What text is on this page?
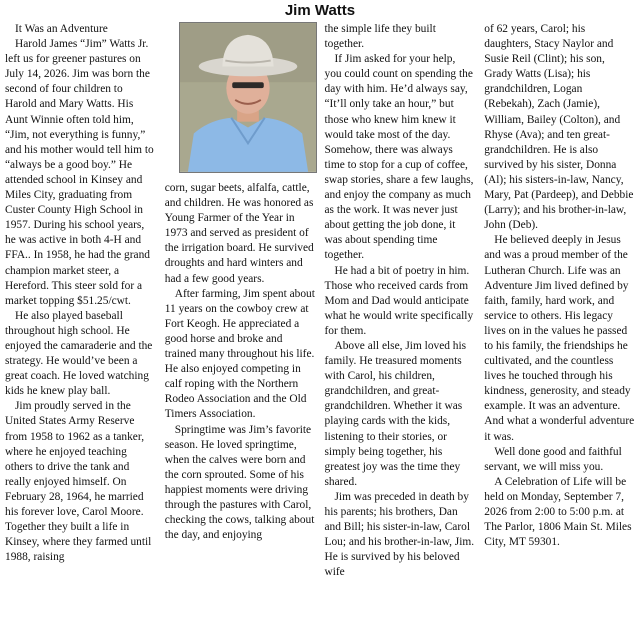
Jim Watts

It Was an Adventure

Harold James “Jim” Watts Jr. left us for greener pastures on July 14, 2026. Jim was born the second of four children to Harold and Mary Watts. His Aunt Winnie often told him, “Jim, not everything is funny,” and his mother would tell him to “always be a good boy.” He attended school in Kinsey and Miles City, graduating from Custer County High School in 1957. During his school years, he was active in both 4-H and FFA.. In 1958, he had the grand champion market steer, a Hereford. This steer sold for a market topping $51.25/cwt.

He also played baseball throughout high school. He enjoyed the camaraderie and the strategy. He would’ve been a great coach. He loved watching kids he knew play ball.

Jim proudly served in the United States Army Reserve from 1958 to 1962 as a tanker, where he enjoyed teaching others to drive the tank and really enjoyed himself. On February 28, 1964, he married his forever love, Carol Moore. Together they built a life in Kinsey, where they farmed until 1988, raising

corn, sugar beets, alfalfa, cattle, and children. He was honored as Young Farmer of the Year in 1973 and served as president of the irrigation board. He survived droughts and hard winters and had a few good years.

After farming, Jim spent about 11 years on the cowboy crew at Fort Keogh. He appreciated a good horse and broke and trained many throughout his life. He also enjoyed competing in calf roping with the Northern Rodeo Association and the Old Timers Association.

Springtime was Jim’s favorite season. He loved springtime, when the calves were born and the corn sprouted. Some of his happiest moments were driving through the pastures with Carol, checking the cows, talking about the day, and enjoying

the simple life they built together.

If Jim asked for your help, you could count on spending the day with him. He’d always say, “It’ll only take an hour,” but those who knew him knew it would take most of the day. Somehow, there was always time to stop for a cup of coffee, swap stories, share a few laughs, and enjoy the company as much as the work. It was never just about getting the job done, it was about spending time together.

He had a bit of poetry in him. Those who received cards from Mom and Dad would anticipate what he would write specifically for them.

Above all else, Jim loved his family. He treasured moments with Carol, his children, grandchildren, and great-grandchildren. Whether it was playing cards with the kids, listening to their stories, or simply being together, his greatest joy was the time they shared.

Jim was preceded in death by his parents; his brothers, Dan and Bill; his sister-in-law, Carol Lou; and his brother-in-law, Jim. He is survived by his beloved wife

of 62 years, Carol; his daughters, Stacy Naylor and Susie Reil (Clint); his son, Grady Watts (Lisa); his grandchildren, Logan (Rebekah), Zach (Jamie), William, Bailey (Colton), and Rhyse (Ava); and ten great-grandchildren. He is also survived by his sister, Donna (Al); his sisters-in-law, Nancy, Mary, Pat (Pardeep), and Debbie (Larry); and his brother-in-law, John (Deb).

He believed deeply in Jesus and was a proud member of the Lutheran Church. Life was an Adventure Jim lived defined by faith, family, hard work, and service to others. His legacy lives on in the values he passed to his family, the friendships he cultivated, and the countless lives he touched through his kindness, generosity, and steady example. It was an adventure. And what a wonderful adventure it was.

Well done good and faithful servant, we will miss you.

A Celebration of Life will be held on Monday, September 7, 2026 from 2:00 to 5:00 p.m. at The Parlor, 1806 Main St. Miles City, MT 59301.
